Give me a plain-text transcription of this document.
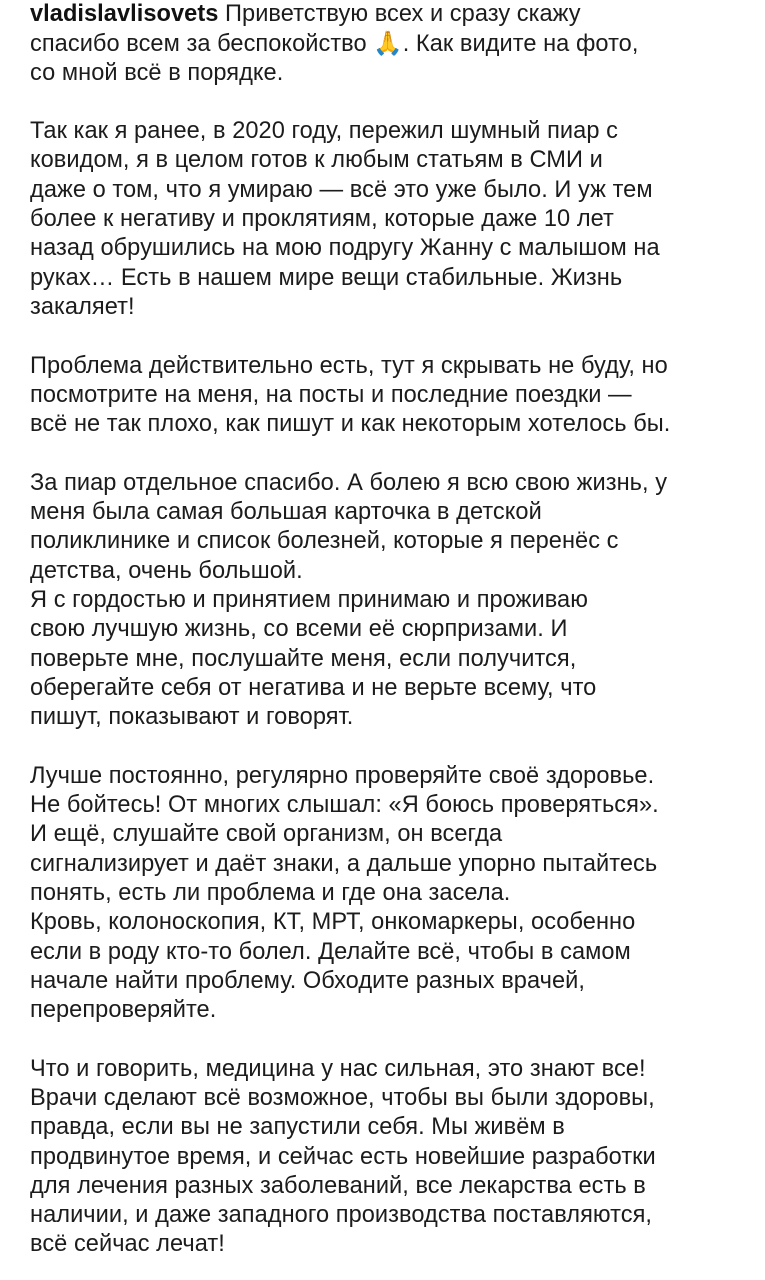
vladislavlisovets Приветствую всех и сразу скажу
спасибо всем за беспокойство 🙏. Как видите на фото,
со мной всё в порядке.
Так как я ранее, в 2020 году, пережил шумный пиар с
ковидом, я в целом готов к любым статьям в СМИ и
даже о том, что я умираю — всё это уже было. И уж тем
более к негативу и проклятиям, которые даже 10 лет
назад обрушились на мою подругу Жанну с малышом на
руках… Есть в нашем мире вещи стабильные. Жизнь
закаляет!
Проблема действительно есть, тут я скрывать не буду, но
посмотрите на меня, на посты и последние поездки —
всё не так плохо, как пишут и как некоторым хотелось бы.
За пиар отдельное спасибо. А болею я всю свою жизнь, у
меня была самая большая карточка в детской
поликлинике и список болезней, которые я перенёс с
детства, очень большой.
Я с гордостью и принятием принимаю и проживаю
свою лучшую жизнь, со всеми её сюрпризами. И
поверьте мне, послушайте меня, если получится,
оберегайте себя от негатива и не верьте всему, что
пишут, показывают и говорят.
Лучше постоянно, регулярно проверяйте своё здоровье.
Не бойтесь! От многих слышал: «Я боюсь проверяться».
И ещё, слушайте свой организм, он всегда
сигнализирует и даёт знаки, а дальше упорно пытайтесь
понять, есть ли проблема и где она засела.
Кровь, колоноскопия, КТ, МРТ, онкомаркеры, особенно
если в роду кто-то болел. Делайте всё, чтобы в самом
начале найти проблему. Обходите разных врачей,
перепроверяйте.
Что и говорить, медицина у нас сильная, это знают все!
Врачи сделают всё возможное, чтобы вы были здоровы,
правда, если вы не запустили себя. Мы живём в
продвинутое время, и сейчас есть новейшие разработки
для лечения разных заболеваний, все лекарства есть в
наличии, и даже западного производства поставляются,
всё сейчас лечат!
